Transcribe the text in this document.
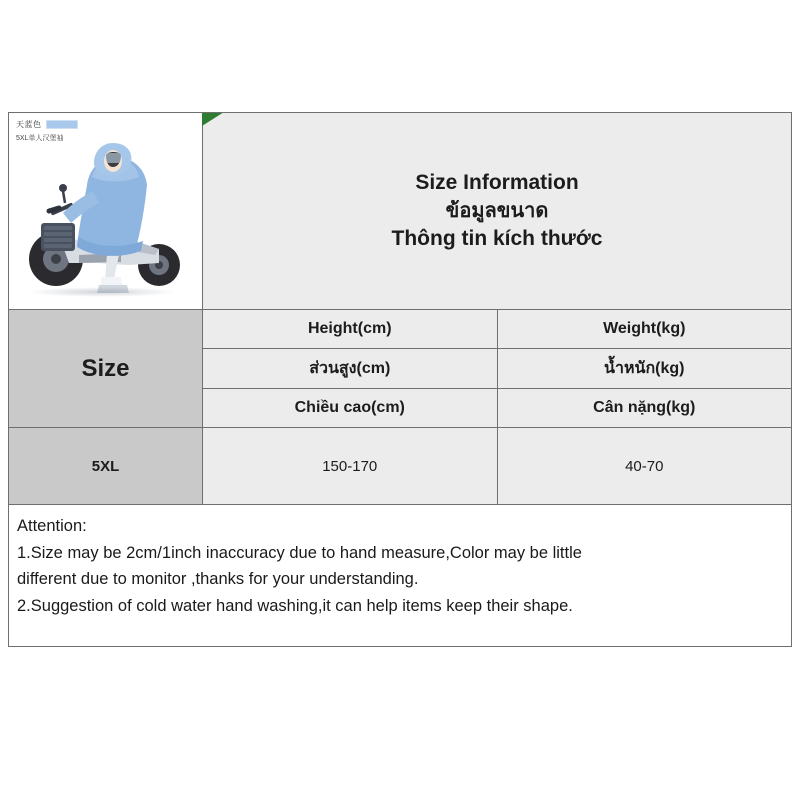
天蓝色
5XL单人汉堡袖
Size Information
ข้อมูลขนาด
Thông tin kích thước
Size
Height(cm)	Weight(kg)
ส่วนสูง(cm)	น้ำหนัก(kg)
Chiều cao(cm)	Cân nặng(kg)
5XL	150-170	40-70
Attention:
1.Size may be 2cm/1inch inaccuracy due to hand measure,Color may be little
different due to monitor ,thanks for your understanding.
2.Suggestion of cold water hand washing,it can help items keep their shape.
